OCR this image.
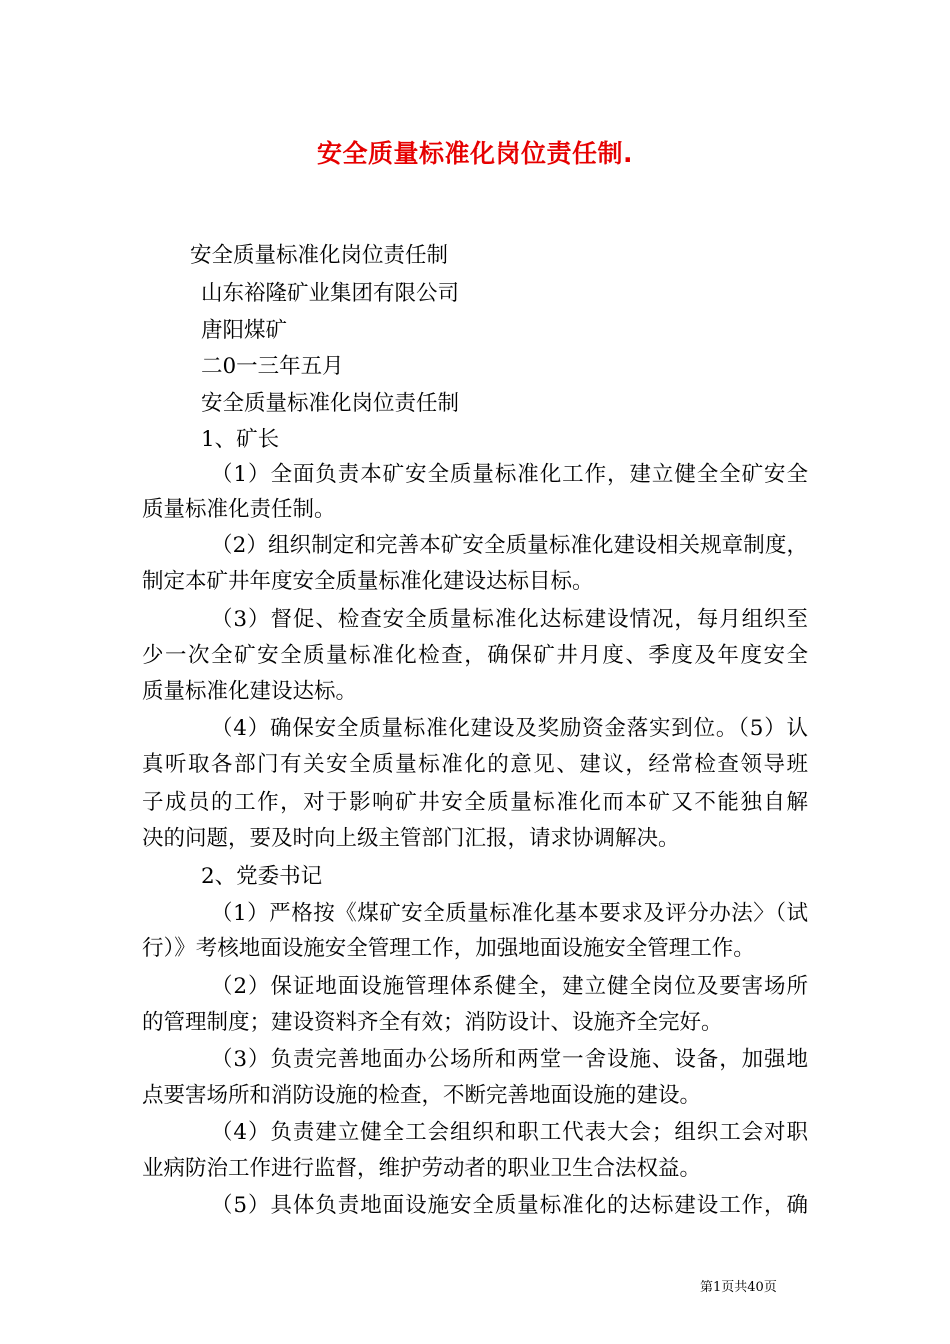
安全质量标准化岗位责任制.
安全质量标准化岗位责任制
山东裕隆矿业集团有限公司
唐阳煤矿
二0一三年五月
安全质量标准化岗位责任制
1、矿长
（1）全面负责本矿安全质量标准化工作，建立健全全矿安全
质量标准化责任制。
（2）组织制定和完善本矿安全质量标准化建设相关规章制度，
制定本矿井年度安全质量标准化建设达标目标。
（3）督促、检查安全质量标准化达标建设情况，每月组织至
少一次全矿安全质量标准化检查，确保矿井月度、季度及年度安全
质量标准化建设达标。
（4）确保安全质量标准化建设及奖励资金落实到位。（5）认
真听取各部门有关安全质量标准化的意见、建议，经常检查领导班
子成员的工作，对于影响矿井安全质量标准化而本矿又不能独自解
决的问题，要及时向上级主管部门汇报，请求协调解决。
2、党委书记
（1）严格按《煤矿安全质量标准化基本要求及评分办法〉（试
行）》考核地面设施安全管理工作，加强地面设施安全管理工作。
（2）保证地面设施管理体系健全，建立健全岗位及要害场所
的管理制度；建设资料齐全有效；消防设计、设施齐全完好。
（3）负责完善地面办公场所和两堂一舍设施、设备，加强地
点要害场所和消防设施的检查，不断完善地面设施的建设。
（4）负责建立健全工会组织和职工代表大会；组织工会对职
业病防治工作进行监督，维护劳动者的职业卫生合法权益。
（5）具体负责地面设施安全质量标准化的达标建设工作，确
第1页共40页
